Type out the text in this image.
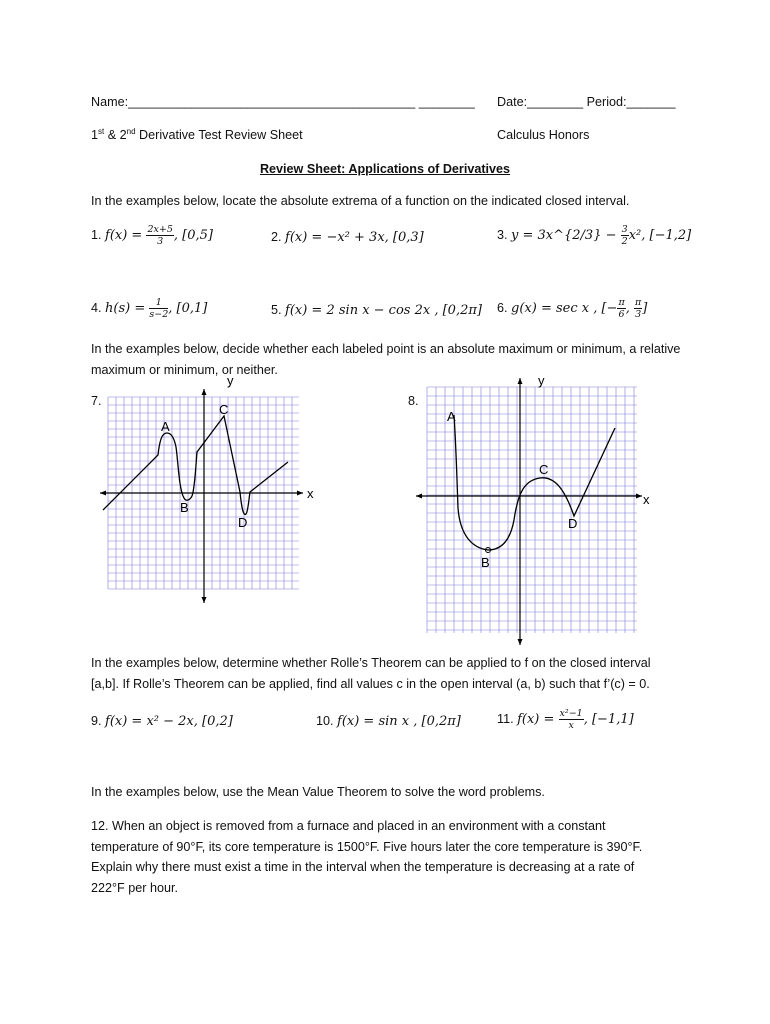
Name:_________________________________________ ________ Date:________ Period:_______
1st & 2nd Derivative Test Review Sheet	Calculus Honors
Review Sheet: Applications of Derivatives
In the examples below, locate the absolute extrema of a function on the indicated closed interval.
1. $f(x) = \frac{2x+5}{3}$ , [0,5]	2. f(x) = −x² + 3x, [0,3]	3. y = 3x^{2/3} − $\frac{3}{2} x^2$, [−1,2]
4. $h(s) = \frac{1}{s-2}$ , [0,1]	5. f(x) = 2 sin x − cos 2x , [0,2π] 6. g(x) = sec x , [− $\frac{\pi}{6}$ , $\frac{\pi}{3}$ ]
In the examples below, decide whether each labeled point is an absolute maximum or minimum, a relative maximum or minimum, or neither.
7.	8.
y
x
A
B
C
D
y
x
A
B
C
D
In the examples below, determine whether Rolle’s Theorem can be applied to f on the closed interval
[a,b]. If Rolle’s Theorem can be applied, find all values c in the open interval (a, b) such that f’(c) = 0.
9. f(x) = x² − 2x, [0,2]	10. f(x) = sin x , [0,2π]	11. $f(x) = \frac{\text{x²−1}}{x}$ , [−1,1]
In the examples below, use the Mean Value Theorem to solve the word problems.
12. When an object is removed from a furnace and placed in an environment with a constant temperature of 90°F, its core temperature is 1500°F. Five hours later the core temperature is 390°F. Explain why there must exist a time in the interval when the temperature is decreasing at a rate of 222°F per hour.
